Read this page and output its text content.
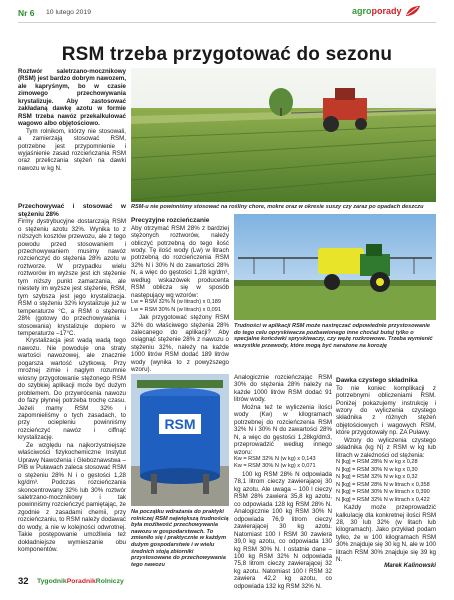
Nr 6 10 lutego 2019	agroporady
RSM trzeba przygotować do sezonu

Roztwór saletrzano-mocznikowy (RSM) jest bardzo dobrym nawozem, ale kapryśnym, bo w czasie zimowego przechowywania krystalizuje. Aby zastosować zakładaną dawkę azotu w formie RSM trzeba nawóz przekalkulować wagowo albo objętościowo.

Tym rolnikom, którzy nie stosowali, a zamierzają stosować RSM, potrzebne jest przypomnienie i wyjaśnienie zasad rozcieńczania RSM oraz przeliczania stężeń na dawki nawozu w kg N.

RSM-u nie powinniśmy stosować na rośliny chore, mokre oraz w okresie suszy czy zaraz po opadach deszczu
Przechowywać i stosować w stężeniu 28%

Firmy dystrybucyjne dostarczają RSM o stężeniu azotu 32%. Wynika to z niższych kosztów przewozu, ale z tego powodu przed stosowaniem i przechowywaniem musimy nawóz rozcieńczyć do stężenia 28% azotu w roztworze. W przypadku wielu roztworów im wyższe jest ich stężenie tym niższy punkt zamarzania, ale niestety im wyższe jest stężenie, RSM, tym szybsza jest jego krystalizacja. RSM o stężeniu 32% krystalizuje już w temperaturze °C, a RSM o stężeniu 28% (gotowy do przechowywania i stosowania) krystalizuje dopiero w temperaturze –17°C.

Krystalizacja jest wadą wadą tego nawozu. Nie powoduje ona straty wartości nawozowej, ale znacznie pogarsza wartość użytkową. Przy mroźnej zimie i naglym rozumnie wiosny przygotowanie stężonego RSM do szybkiej aplikacji może być dużym problemem. Do przywrócenia nawozu do fazy płynnej potrzeba trochę czasu. Jeżeli mamy RSM 32% i zapomnieliśmy o tych zasadach, to przy ociepleniu powinniśmy rozcieńczyć nawóz i ciffnąć krystalizację.

Ze względu na najkorzystniejsze właściwości fizykochemiczne Instytut Uprawy Nawożenia i Gleboznawstwa – PIB w Puławach zaleca stosować RSM o stężeniu 28% N i o gęstości 1,28 kg/dm³. Podczas rozcieńczania skoncentrowany 32% lub 30% roztwór saletrzano-mocznikowy i tak powinniśmy rozcieńczyć pamiętając, że zgodnie z zasadami chemii, przy rozcieńczaniu, to RSM należy dodawać do wody, a nie w kolejności odwrotnej. Takie postępowanie umożliwia też dokładniejsze wymieszanie obu komponentów.

Precyzyjne rozcieńczanie

Aby otrzymać RSM 28% z bardziej stężonych roztworów, należy obliczyć potrzebną do tego ilość wody. Tę ilość wody (Lw) w litrach potrzebną do rozcieńczenia RSM 32% N i 30% N do zawartości 28% N, a więc do gęstości 1,28 kg/dm³, według wskazówek producenta RSM oblicza się w sposób następujący wg wzorów:

Lw = RSM 32% N (w litrach) x 0,189
Lw = RSM 30% N (w litrach) x 0,091

Jak przygotować stężony RSM 32% do właściwego stężenia 28% zalecanego do aplikacji? Aby osiągnąć stężenie 28% z nawozu o stężeniu 32%, należy na każde 1000 litrów RSM dodać 189 litrów wody (wynika to z powyższego wzoru).

Trudności w aplikacji RSM może nastręczać odpowiednie przystosowanie do tego celu opryskiwacza pozbawionego inne choćaż butuj tylko o specjalne końcówki spryskiwaczy, czy wężę rozkrowowe. Trzeba wymienić wszystkie przewody, które mogą być narażone na korozję
RSM
Na początku wdrażania do praktyki rolniczej RSM największą trudnością była możliwość przechowywania nawozu w gospodarstwach. To zmieniło się i praktycznie w każdym dużym gospodarstwie i w wielu średnich stoją zbiorniki przystosowane do przechowywania tego nawozu

Analogicznie rozcieńczając RSM 30% do stężenia 28% należy na każde 1000 litrów RSM dodać 91 litrów wody.

Można też te wyliczenia ilości wody (Kw) w kilogramach potrzebnej do rozcieńczenia RSM 32% N i 30% N do zawartości 28% N, a więc do gęstości 1,28kg/dm3, przeprowadzić według innego wzoru:

Kw = RSM 32% N (w kg) x 0,143
Kw = RSM 30% N (w kg) x 0,071

100 kg RSM 28% N odpowiada 78,1 litrom cieczy zawierającej 30 kg azotu. Ale uwaga – 100 l cieczy RSM 28% zawiera 35,8 kg azotu, co odpowiada 128 kg RSM 28% N. Analogicznie 100 kg RSM 30% N odpowiada 76,9 litrom cieczy zawierającej 30 kg azotu. Natomiast 100 l RSM 30 zawiera 39,0 kg azotu, co odpowiada 130 kg RSM 30% N. I ostatnie dane – 100 kg RSM 32% N odpowiada 75,8 litrom cieczy zawierającej 32 kg azotu. Natomiast 100 l RSM 32 zawiera 42,2 kg azotu, co odpowiada 132 kg RSM 32% N.

Dawka czystego składnika

To nie koniec komplikacji z potrzebnymi obliczeniami RSM. Poniżej pokazujemy instrukcję i wzory do wyliczenia czystego składnika z różnych stężeń objętościowych i wagowych RSM, które przygotowały np. ZA Puławy.

Wzory do wyliczenia czystego składnika (kg N) z RSM w kg lub litrach w zależności od stężenia:

N [kg] = RSM 28% N w kg x 0,28
N [kg] = RSM 30% N w kg x 0,30
N [kg] = RSM 32% N w kg x 0,32
N [kg] = RSM 28% N w litrach x 0,358
N [kg] = RSM 30% N w litrach x 0,390
N [kg] = RSM 32% N w litrach x 0,422

Każdy może przeprowadzić kalkulację dla konkretnej ilości RSM 28, 30 lub 32% (w litach lub kilogramach). Jako przykład podam tylko, że w 100 kilogramach RSM 30% znajduje się 30 kg N, ale w 100 litrach RSM 30% znajduje się 39 kg N.

Marek Kalinowski
32 TygodnikPoradnikRolniczy
